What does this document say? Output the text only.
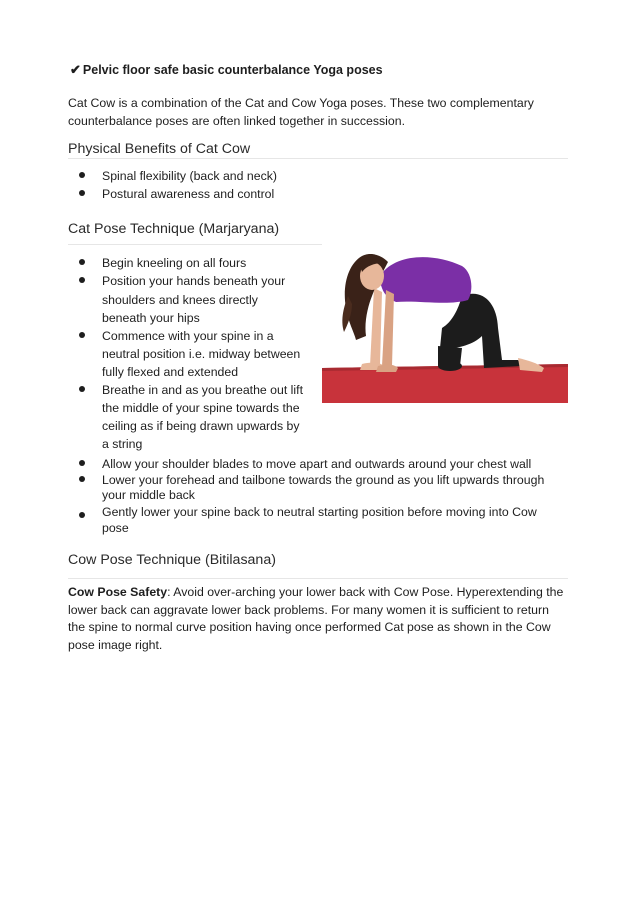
✔ Pelvic floor safe basic counterbalance Yoga poses
Cat Cow is a combination of the Cat and Cow Yoga poses. These two complementary
counterbalance poses are often linked together in succession.
Physical Benefits of Cat Cow
Spinal flexibility (back and neck)
Postural awareness and control
Cat Pose Technique (Marjaryana)
Begin kneeling on all fours
Position your hands beneath your
shoulders and knees directly
beneath your hips
Commence with your spine in a
neutral position i.e. midway between
fully flexed and extended
Breathe in and as you breathe out lift
the middle of your spine towards the
ceiling as if being drawn upwards by
a string
Allow your shoulder blades to move apart and outwards around your chest wall
Lower your forehead and tailbone towards the ground as you lift upwards through
your middle back
Gently lower your spine back to neutral starting position before moving into Cow
pose
Cow Pose Technique (Bitilasana)
Cow Pose Safety: Avoid over-arching your lower back with Cow Pose. Hyperextending the
lower back can aggravate lower back problems. For many women it is sufficient to return
the spine to normal curve position having once performed Cat pose as shown in the Cow
pose image right.
